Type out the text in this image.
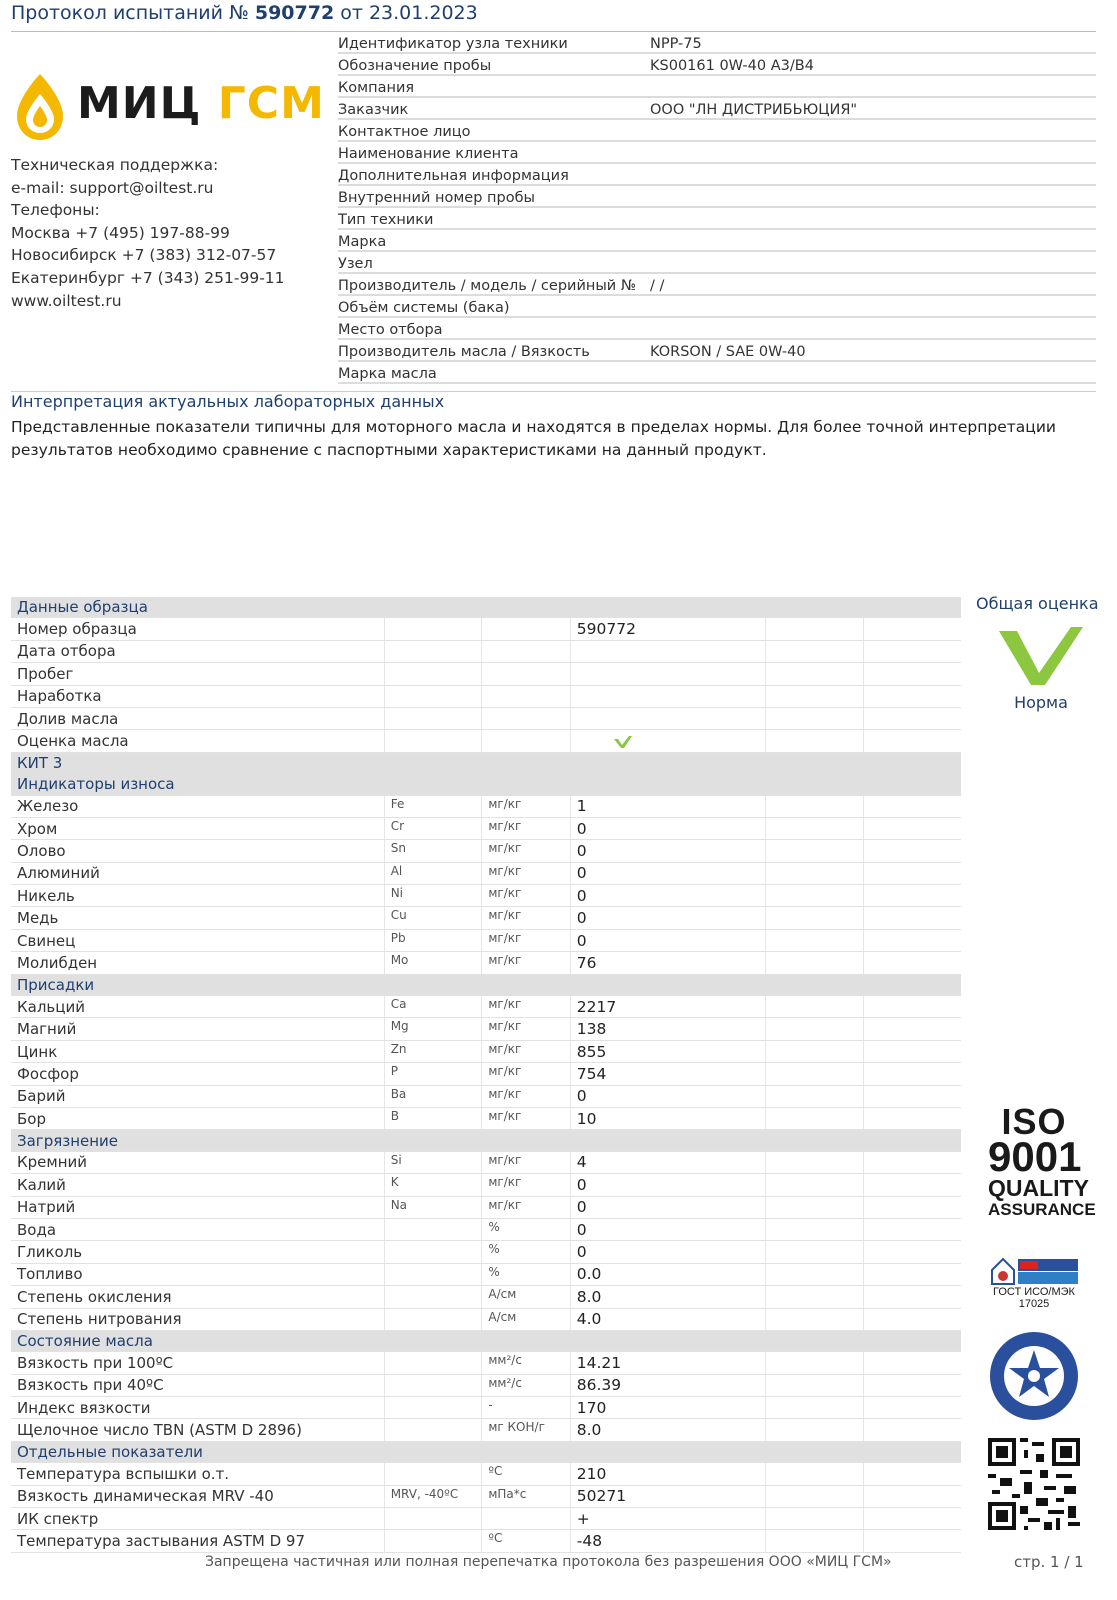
Протокол испытаний № 590772 от 23.01.2023
МИЦ ГСМ
Техническая поддержка:
e-mail: support@oiltest.ru
Телефоны:
Москва +7 (495) 197-88-99
Новосибирск +7 (383) 312-07-57
Екатеринбург +7 (343) 251-99-11
www.oiltest.ru
Идентификатор узла техники	NPP-75
Обозначение пробы	KS00161 0W-40 A3/B4
Компания	
Заказчик	ООО "ЛН ДИСТРИБЬЮЦИЯ"
Контактное лицо	
Наименование клиента	
Дополнительная информация	
Внутренний номер пробы	
Тип техники	
Марка	
Узел	
Производитель / модель / серийный №	/ /
Объём системы (бака)	
Место отбора	
Производитель масла / Вязкость	KORSON / SAE 0W-40
Марка масла	
Интерпретация актуальных лабораторных данных
Представленные показатели типичны для моторного масла и находятся в пределах нормы. Для более точной интерпретации результатов необходимо сравнение с паспортными характеристиками на данный продукт.
Данные образца					
Номер образца			590772		
Дата отбора					
Пробег					
Наработка					
Долив масла					
Оценка масла					
КИТ 3					
Индикаторы износа					
Железо	Fe	мг/кг	1		
Хром	Cr	мг/кг	0		
Олово	Sn	мг/кг	0		
Алюминий	Al	мг/кг	0		
Никель	Ni	мг/кг	0		
Медь	Cu	мг/кг	0		
Свинец	Pb	мг/кг	0		
Молибден	Mo	мг/кг	76		
Присадки					
Кальций	Ca	мг/кг	2217		
Магний	Mg	мг/кг	138		
Цинк	Zn	мг/кг	855		
Фосфор	P	мг/кг	754		
Барий	Ba	мг/кг	0		
Бор	B	мг/кг	10		
Загрязнение					
Кремний	Si	мг/кг	4		
Калий	K	мг/кг	0		
Натрий	Na	мг/кг	0		
Вода		%	0		
Гликоль		%	0		
Топливо		%	0.0		
Степень окисления		А/см	8.0		
Степень нитрования		А/см	4.0		
Состояние масла					
Вязкость при 100ºС		мм²/с	14.21		
Вязкость при 40ºС		мм²/с	86.39		
Индекс вязкости		-	170		
Щелочное число TBN (ASTM D 2896)		мг КОН/г	8.0		
Отдельные показатели					
Температура вспышки о.т.		ºС	210		
Вязкость динамическая MRV -40	MRV, -40ºС	мПа*с	50271		
ИК спектр			+		
Температура застывания ASTM D 97		ºС	-48		
Общая оценка
Норма
ISO
9001
QUALITY
ASSURANCE
ГОСТ ИСО/МЭК
17025
Запрещена частичная или полная перепечатка протокола без разрешения ООО «МИЦ ГСМ»	стр. 1 / 1
